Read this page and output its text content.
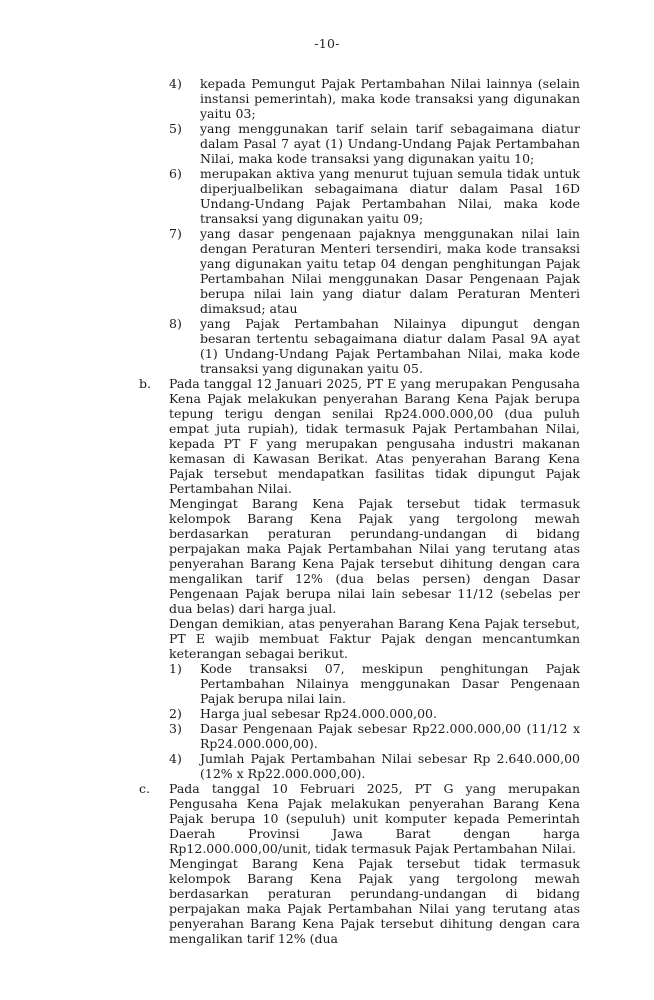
-10-
4)	kepada Pemungut Pajak Pertambahan Nilai lainnya (selain instansi pemerintah), maka kode transaksi yang digunakan yaitu 03;
5)	yang menggunakan tarif selain tarif sebagaimana diatur dalam Pasal 7 ayat (1) Undang-Undang Pajak Pertambahan Nilai, maka kode transaksi yang digunakan yaitu 10;
6)	merupakan aktiva yang menurut tujuan semula tidak untuk diperjualbelikan sebagaimana diatur dalam Pasal 16D Undang-Undang Pajak Pertambahan Nilai, maka kode transaksi yang digunakan yaitu 09;
7)	yang dasar pengenaan pajaknya menggunakan nilai lain dengan Peraturan Menteri tersendiri, maka kode transaksi yang digunakan yaitu tetap 04 dengan penghitungan Pajak Pertambahan Nilai menggunakan Dasar Pengenaan Pajak berupa nilai lain yang diatur dalam Peraturan Menteri dimaksud; atau
8)	yang Pajak Pertambahan Nilainya dipungut dengan besaran tertentu sebagaimana diatur dalam Pasal 9A ayat (1) Undang-Undang Pajak Pertambahan Nilai, maka kode transaksi yang digunakan yaitu 05.
b.	Pada tanggal 12 Januari 2025, PT E yang merupakan Pengusaha Kena Pajak melakukan penyerahan Barang Kena Pajak berupa tepung terigu dengan senilai Rp24.000.000,00 (dua puluh empat juta rupiah), tidak termasuk Pajak Pertambahan Nilai, kepada PT F yang merupakan pengusaha industri makanan kemasan di Kawasan Berikat. Atas penyerahan Barang Kena Pajak tersebut mendapatkan fasilitas tidak dipungut Pajak Pertambahan Nilai.

Mengingat Barang Kena Pajak tersebut tidak termasuk kelompok Barang Kena Pajak yang tergolong mewah berdasarkan peraturan perundang-undangan di bidang perpajakan maka Pajak Pertambahan Nilai yang terutang atas penyerahan Barang Kena Pajak tersebut dihitung dengan cara mengalikan tarif 12% (dua belas persen) dengan Dasar Pengenaan Pajak berupa nilai lain sebesar 11/12 (sebelas per dua belas) dari harga jual.

Dengan demikian, atas penyerahan Barang Kena Pajak tersebut, PT E wajib membuat Faktur Pajak dengan mencantumkan keterangan sebagai berikut.

1)	Kode transaksi 07, meskipun penghitungan Pajak Pertambahan Nilainya menggunakan Dasar Pengenaan Pajak berupa nilai lain.
2)	Harga jual sebesar Rp24.000.000,00.
3)	Dasar Pengenaan Pajak sebesar Rp22.000.000,00 (11/12 x Rp24.000.000,00).
4)	Jumlah Pajak Pertambahan Nilai sebesar Rp 2.640.000,00 (12% x Rp22.000.000,00).
c.	Pada tanggal 10 Februari 2025, PT G yang merupakan Pengusaha Kena Pajak melakukan penyerahan Barang Kena Pajak berupa 10 (sepuluh) unit komputer kepada Pemerintah Daerah Provinsi Jawa Barat dengan harga Rp12.000.000,00/unit, tidak termasuk Pajak Pertambahan Nilai.

Mengingat Barang Kena Pajak tersebut tidak termasuk kelompok Barang Kena Pajak yang tergolong mewah berdasarkan peraturan perundang-undangan di bidang perpajakan maka Pajak Pertambahan Nilai yang terutang atas penyerahan Barang Kena Pajak tersebut dihitung dengan cara mengalikan tarif 12% (dua
